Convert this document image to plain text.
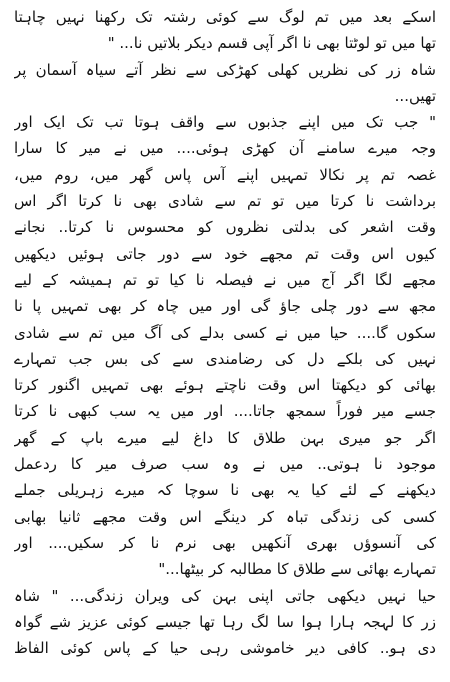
اسکے بعد میں تم لوگ سے کوئی رشتہ تک رکھنا نہیں چاہتا
تھا میں تو لوٹتا بھی نا اگر آپی قسم دیکر بلاتیں نا... "
شاہ زر کی نظریں کھلی کھڑکی سے نظر آتے سیاہ آسمان پر
تھیں...
" جب تک میں اپنے جذبوں سے واقف ہوتا تب تک ایک اور
وجہ میرے سامنے آن کھڑی ہوئی.... میں نے میر کا سارا
غصہ تم پر نکالا تمہیں اپنے آس پاس گھر میں، روم میں،
برداشت نا کرتا میں تو تم سے شادی بھی نا کرتا اگر اس
وقت اشعر کی بدلتی نظروں کو محسوس نا کرتا.. نجانے
کیوں اس وقت تم مجھے خود سے دور جاتی ہوئیں دیکھیں
مجھے لگا اگر آج میں نے فیصلہ نا کیا تو تم ہمیشہ کے لیے
مجھ سے دور چلی جاؤ گی اور میں چاہ کر بھی تمہیں پا نا
سکوں گا.... حیا میں نے کسی بدلے کی آگ میں تم سے شادی
نہیں کی بلکے دل کی رضامندی سے کی بس جب تمہارے
بھائی کو دیکھتا اس وقت ناچتے ہوئے بھی تمہیں اگنور کرتا
جسے میر فوراً سمجھ جاتا.... اور میں یہ سب کبھی نا کرتا
اگر جو میری بہن طلاق کا داغ لیے میرے باپ کے گھر
موجود نا ہوتی.. میں نے وہ سب صرف میر کا ردعمل
دیکھنے کے لئے کیا یہ بھی نا سوچا کہ میرے زہریلی جملے
کسی کی زندگی تباہ کر دینگے اس وقت مجھے ثانیا بھابی
کی آنسوؤں بھری آنکھیں بھی نرم نا کر سکیں.... اور
تمہارے بھائی سے طلاق کا مطالبہ کر بیٹھا..."
حیا نہیں دیکھی جاتی اپنی بہن کی ویران زندگی... " شاہ
زر کا لہجہ ہارا ہوا سا لگ رہا تھا جیسے کوئی عزیز شے گواہ
دی ہو.. کافی دیر خاموشی رہی حیا کے پاس کوئی الفاظ
